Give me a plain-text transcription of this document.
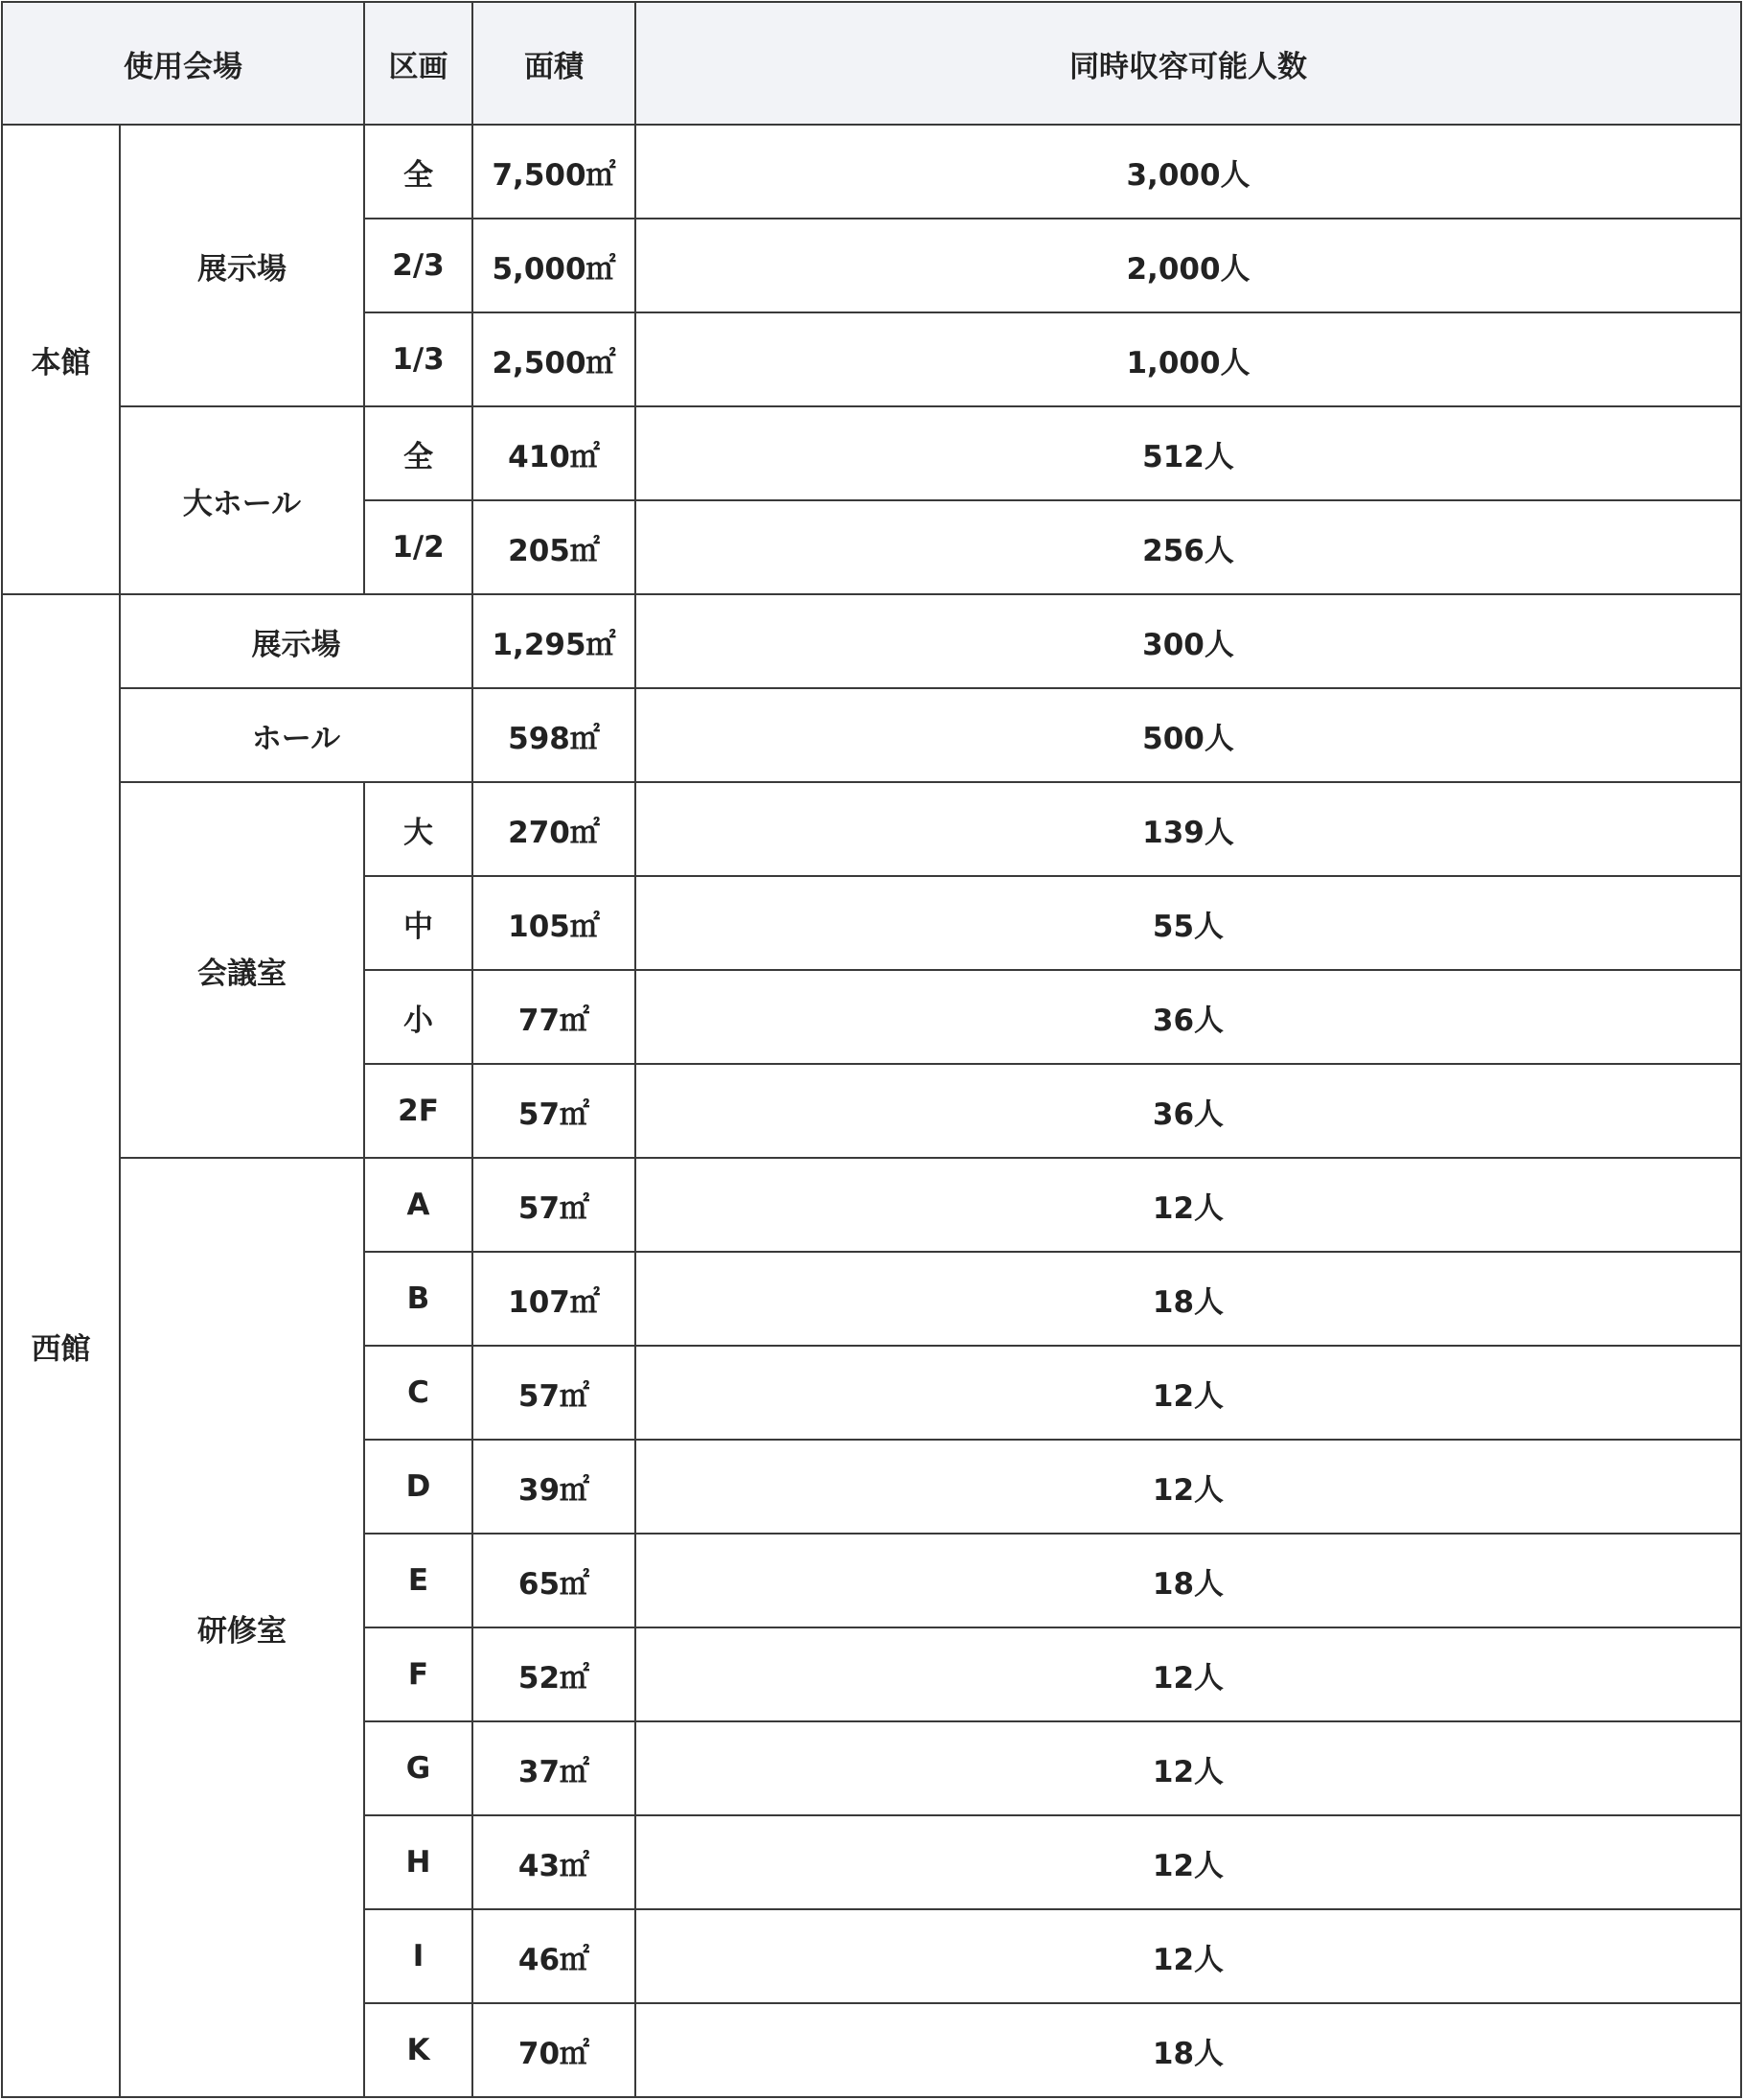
使用会場		区画	面積	同時収容可能人数
本館	展示場	全	7,500㎡	3,000人
		2/3	5,000㎡	2,000人
		1/3	2,500㎡	1,000人
	大ホール	全	410㎡	512人
		1/2	205㎡	256人
西館	展示場		1,295㎡	300人
	ホール		598㎡	500人
	会議室	大	270㎡	139人
		中	105㎡	55人
		小	77㎡	36人
		2F	57㎡	36人
	研修室	A	57㎡	12人
		B	107㎡	18人
		C	57㎡	12人
		D	39㎡	12人
		E	65㎡	18人
		F	52㎡	12人
		G	37㎡	12人
		H	43㎡	12人
		I	46㎡	12人
		K	70㎡	18人
